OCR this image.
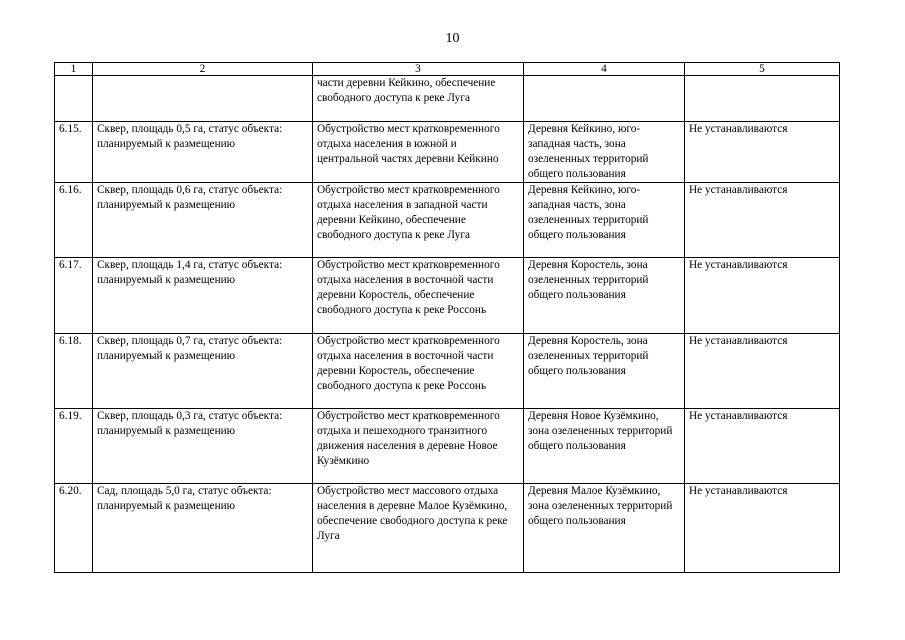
10
1	2	3	4	5
		части деревни Кейкино, обеспечение свободного доступа к реке Луга		
6.15.	Сквер, площадь 0,5 га, статус объекта: планируемый к размещению	Обустройство мест кратковременного отдыха населения в южной и центральной частях деревни Кейкино	Деревня Кейкино, юго-западная часть, зона озелененных территорий общего пользования	Не устанавливаются
6.16.	Сквер, площадь 0,6 га, статус объекта: планируемый к размещению	Обустройство мест кратковременного отдыха населения в западной части деревни Кейкино, обеспечение свободного доступа к реке Луга	Деревня Кейкино, юго-западная часть, зона озелененных территорий общего пользования	Не устанавливаются
6.17.	Сквер, площадь 1,4 га, статус объекта: планируемый к размещению	Обустройство мест кратковременного отдыха населения в восточной части деревни Коростель, обеспечение свободного доступа к реке Россонь	Деревня Коростель, зона озелененных территорий общего пользования	Не устанавливаются
6.18.	Сквер, площадь 0,7 га, статус объекта: планируемый к размещению	Обустройство мест кратковременного отдыха населения в восточной части деревни Коростель, обеспечение свободного доступа к реке Россонь	Деревня Коростель, зона озелененных территорий общего пользования	Не устанавливаются
6.19.	Сквер, площадь 0,3 га, статус объекта: планируемый к размещению	Обустройство мест кратковременного отдыха и пешеходного транзитного движения населения в деревне Новое Кузёмкино	Деревня Новое Кузёмкино, зона озелененных территорий общего пользования	Не устанавливаются
6.20.	Сад, площадь 5,0 га, статус объекта: планируемый к размещению	Обустройство мест массового отдыха населения в деревне Малое Кузёмкино, обеспечение свободного доступа к реке Луга	Деревня Малое Кузёмкино, зона озелененных территорий общего пользования	Не устанавливаются
